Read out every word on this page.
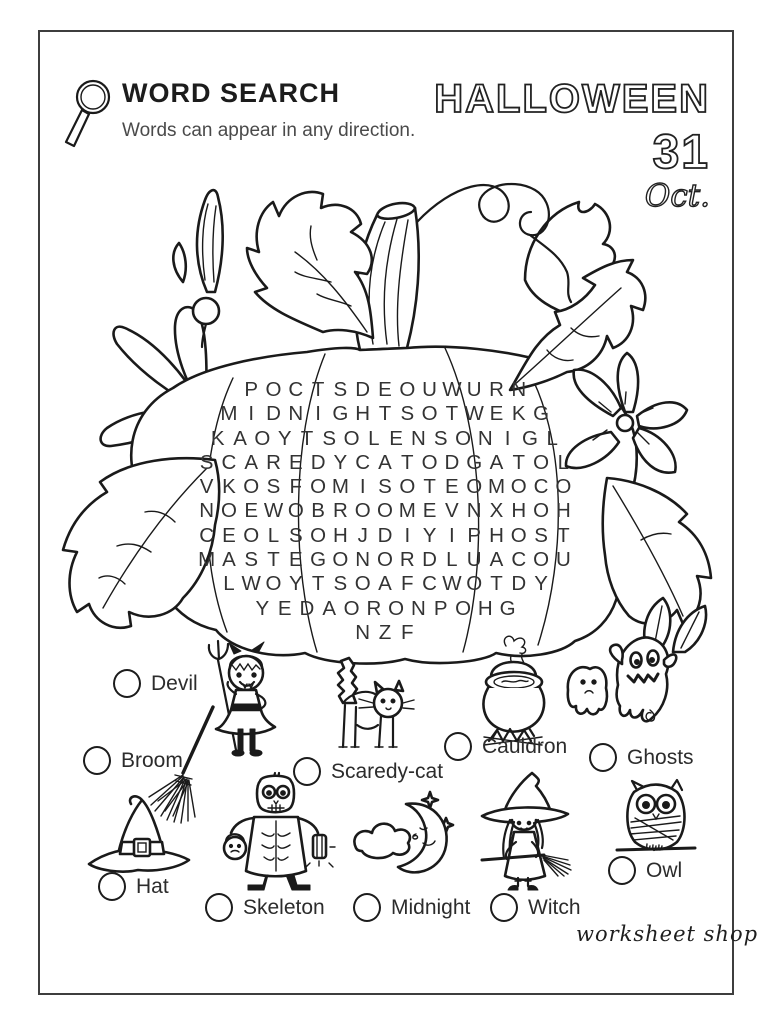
WORD SEARCH
Words can appear in any direction.
HALLOWEEN
31
Oct.
P O C T S D E O U W U R N
M I D N I G H T S O T W E K G
K A O Y T S O L E N S O N I G L
S C A R E D Y C A T O D G A T O L
V K O S F O M I S O T E O M O C O
N O E W O B R O O M E V N X H O H
C E O L S O H J D I Y I P H O S T
M A S T E G O N O R D L U A C O U
L W O Y T S O A F C W O T D Y
Y E D A O R O N P O H G
N Z F
Devil
Broom	Scaredy-cat
Cauldron	Ghosts
Hat
Skeleton	Midnight	Witch
Owl
worksheet shop
